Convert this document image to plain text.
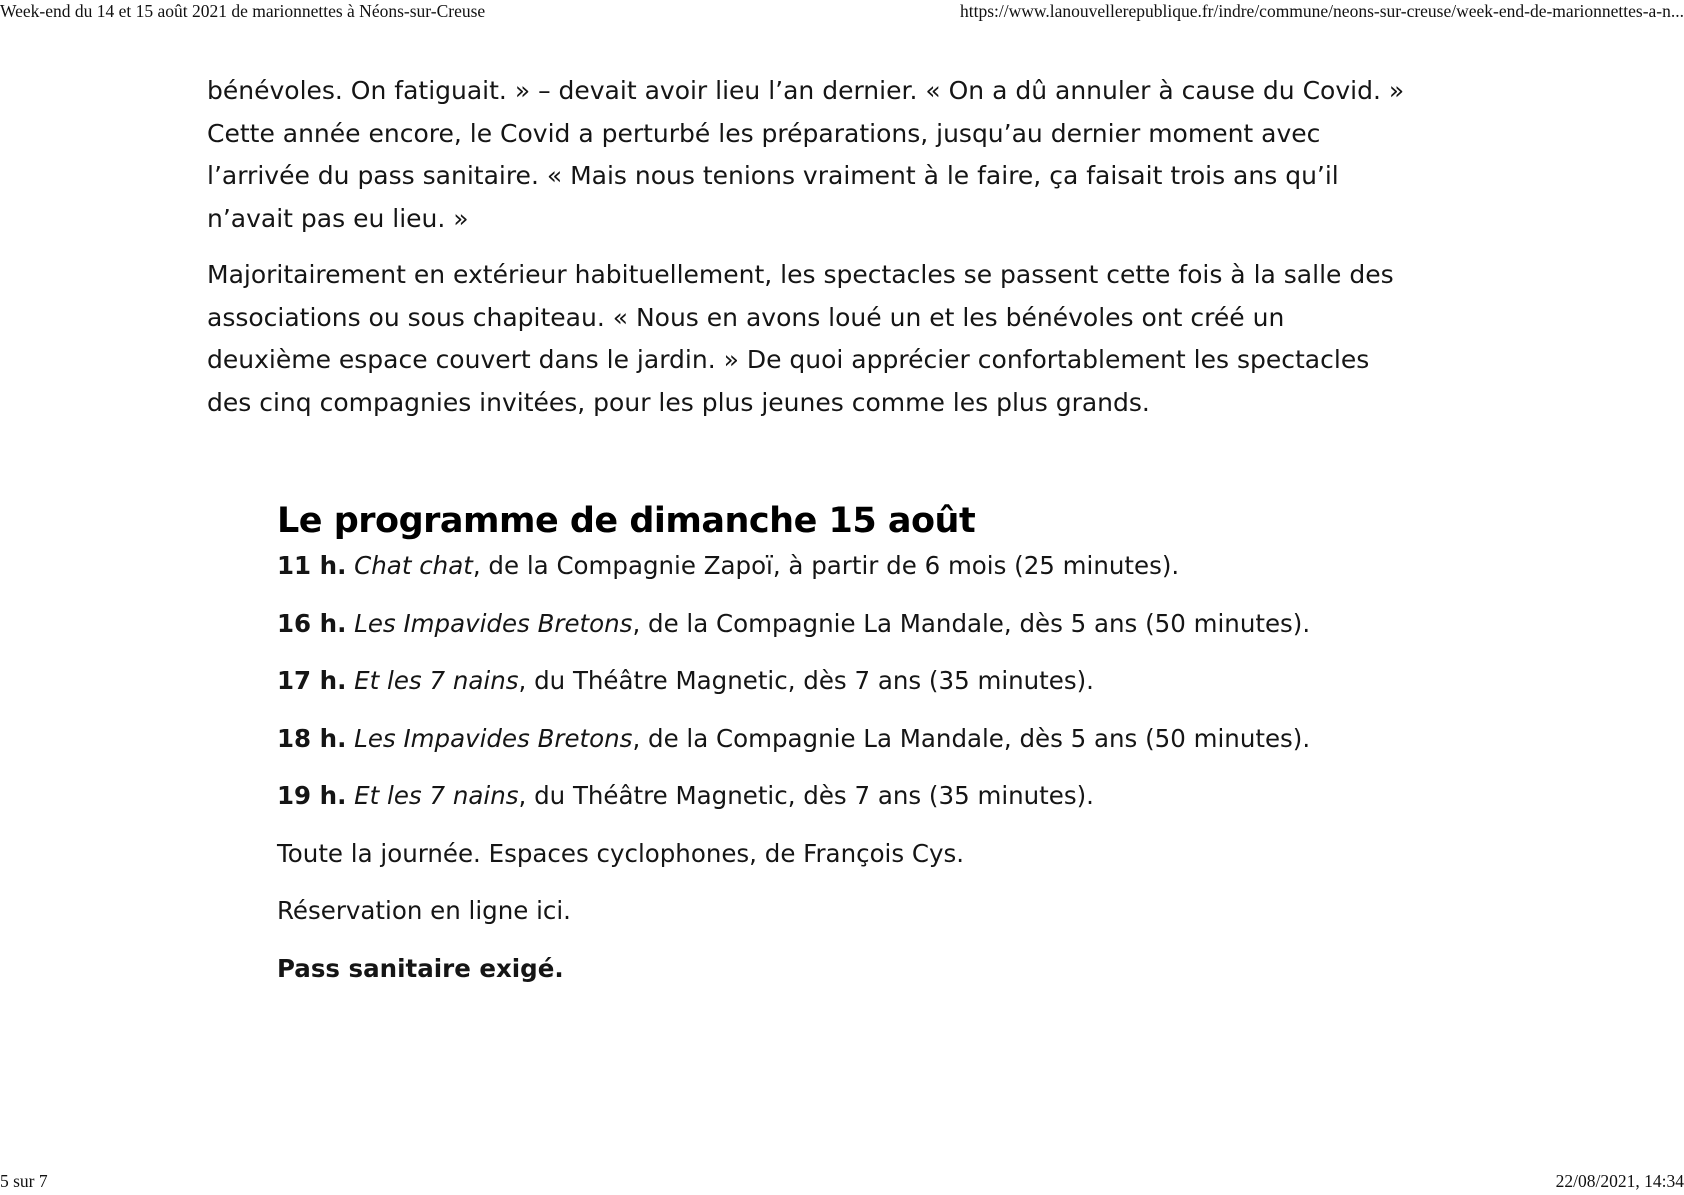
Week-end du 14 et 15 août 2021 de marionnettes à Néons-sur-Creuse	https://www.lanouvellerepublique.fr/indre/commune/neons-sur-creuse/week-end-de-marionnettes-a-n...

bénévoles. On fatiguait. » – devait avoir lieu l’an dernier. « On a dû annuler à cause du Covid. » Cette année encore, le Covid a perturbé les préparations, jusqu’au dernier moment avec l’arrivée du pass sanitaire. « Mais nous tenions vraiment à le faire, ça faisait trois ans qu’il n’avait pas eu lieu. »

Majoritairement en extérieur habituellement, les spectacles se passent cette fois à la salle des associations ou sous chapiteau. « Nous en avons loué un et les bénévoles ont créé un deuxième espace couvert dans le jardin. » De quoi apprécier confortablement les spectacles des cinq compagnies invitées, pour les plus jeunes comme les plus grands.

Le programme de dimanche 15 août
11 h. Chat chat, de la Compagnie Zapoï, à partir de 6 mois (25 minutes).
16 h. Les Impavides Bretons, de la Compagnie La Mandale, dès 5 ans (50 minutes).
17 h. Et les 7 nains, du Théâtre Magnetic, dès 7 ans (35 minutes).
18 h. Les Impavides Bretons, de la Compagnie La Mandale, dès 5 ans (50 minutes).
19 h. Et les 7 nains, du Théâtre Magnetic, dès 7 ans (35 minutes).
Toute la journée. Espaces cyclophones, de François Cys.
Réservation en ligne ici.
Pass sanitaire exigé.
5 sur 7	22/08/2021, 14:34
